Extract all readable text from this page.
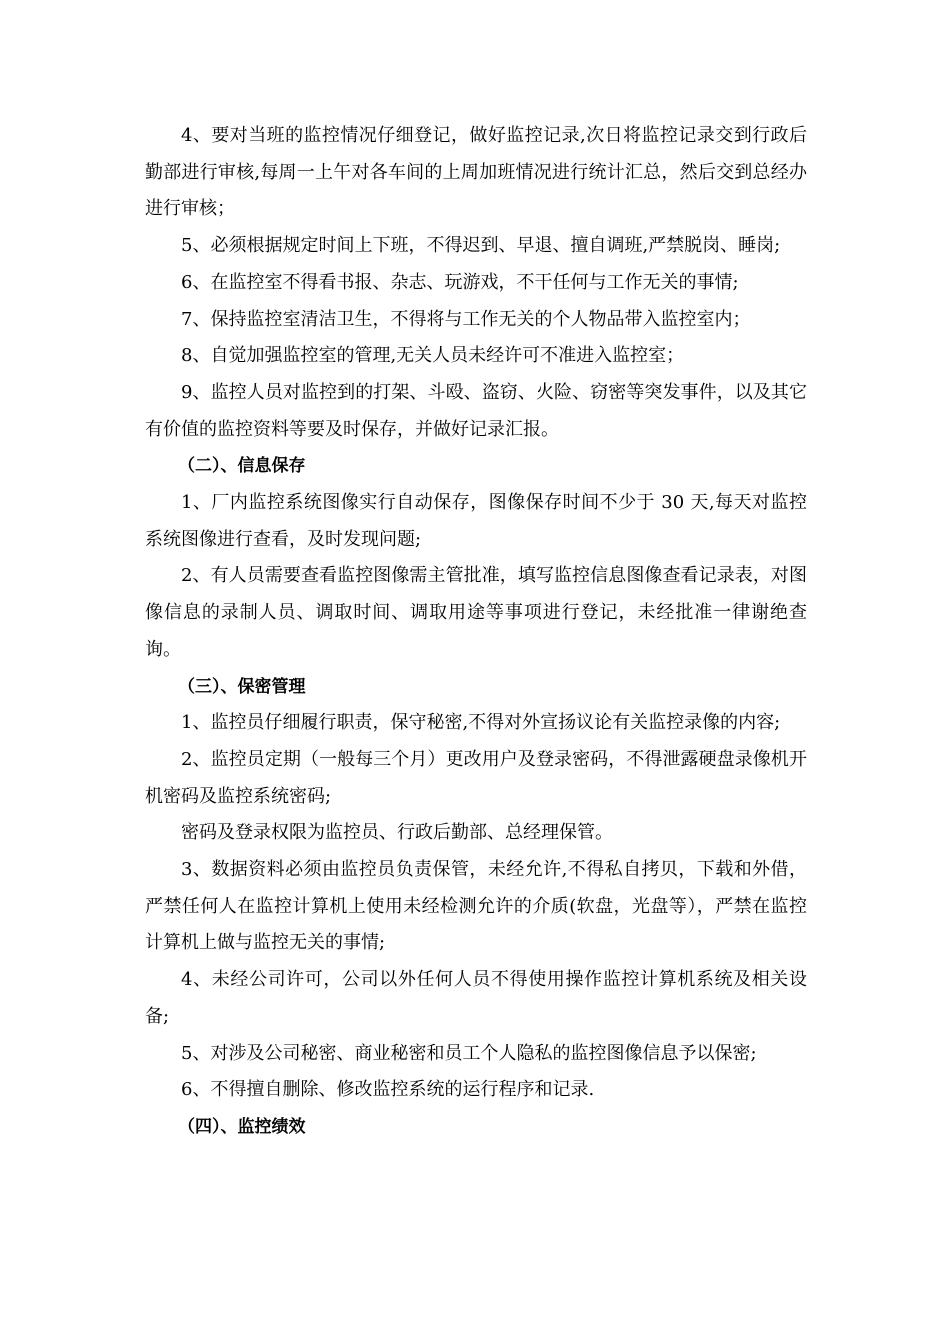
4、要对当班的监控情况仔细登记，做好监控记录,次日将监控记录交到行政后勤部进行审核,每周一上午对各车间的上周加班情况进行统计汇总，然后交到总经办进行审核；

5、必须根据规定时间上下班，不得迟到、早退、擅自调班,严禁脱岗、睡岗;

6、在监控室不得看书报、杂志、玩游戏，不干任何与工作无关的事情;

7、保持监控室清洁卫生，不得将与工作无关的个人物品带入监控室内；

8、自觉加强监控室的管理,无关人员未经许可不准进入监控室；

9、监控人员对监控到的打架、斗殴、盗窃、火险、窃密等突发事件，以及其它有价值的监控资料等要及时保存，并做好记录汇报。

（二）、信息保存

1、厂内监控系统图像实行自动保存，图像保存时间不少于 30 天,每天对监控系统图像进行查看，及时发现问题;

2、有人员需要查看监控图像需主管批准，填写监控信息图像查看记录表，对图像信息的录制人员、调取时间、调取用途等事项进行登记，未经批准一律谢绝查询。

（三）、保密管理

1、监控员仔细履行职责，保守秘密,不得对外宣扬议论有关监控录像的内容;

2、监控员定期（一般每三个月）更改用户及登录密码，不得泄露硬盘录像机开机密码及监控系统密码;

密码及登录权限为监控员、行政后勤部、总经理保管。

3、数据资料必须由监控员负责保管，未经允许,不得私自拷贝，下载和外借，严禁任何人在监控计算机上使用未经检测允许的介质(软盘，光盘等），严禁在监控计算机上做与监控无关的事情;

4、未经公司许可，公司以外任何人员不得使用操作监控计算机系统及相关设备;

5、对涉及公司秘密、商业秘密和员工个人隐私的监控图像信息予以保密;

6、不得擅自删除、修改监控系统的运行程序和记录.

（四）、监控绩效
